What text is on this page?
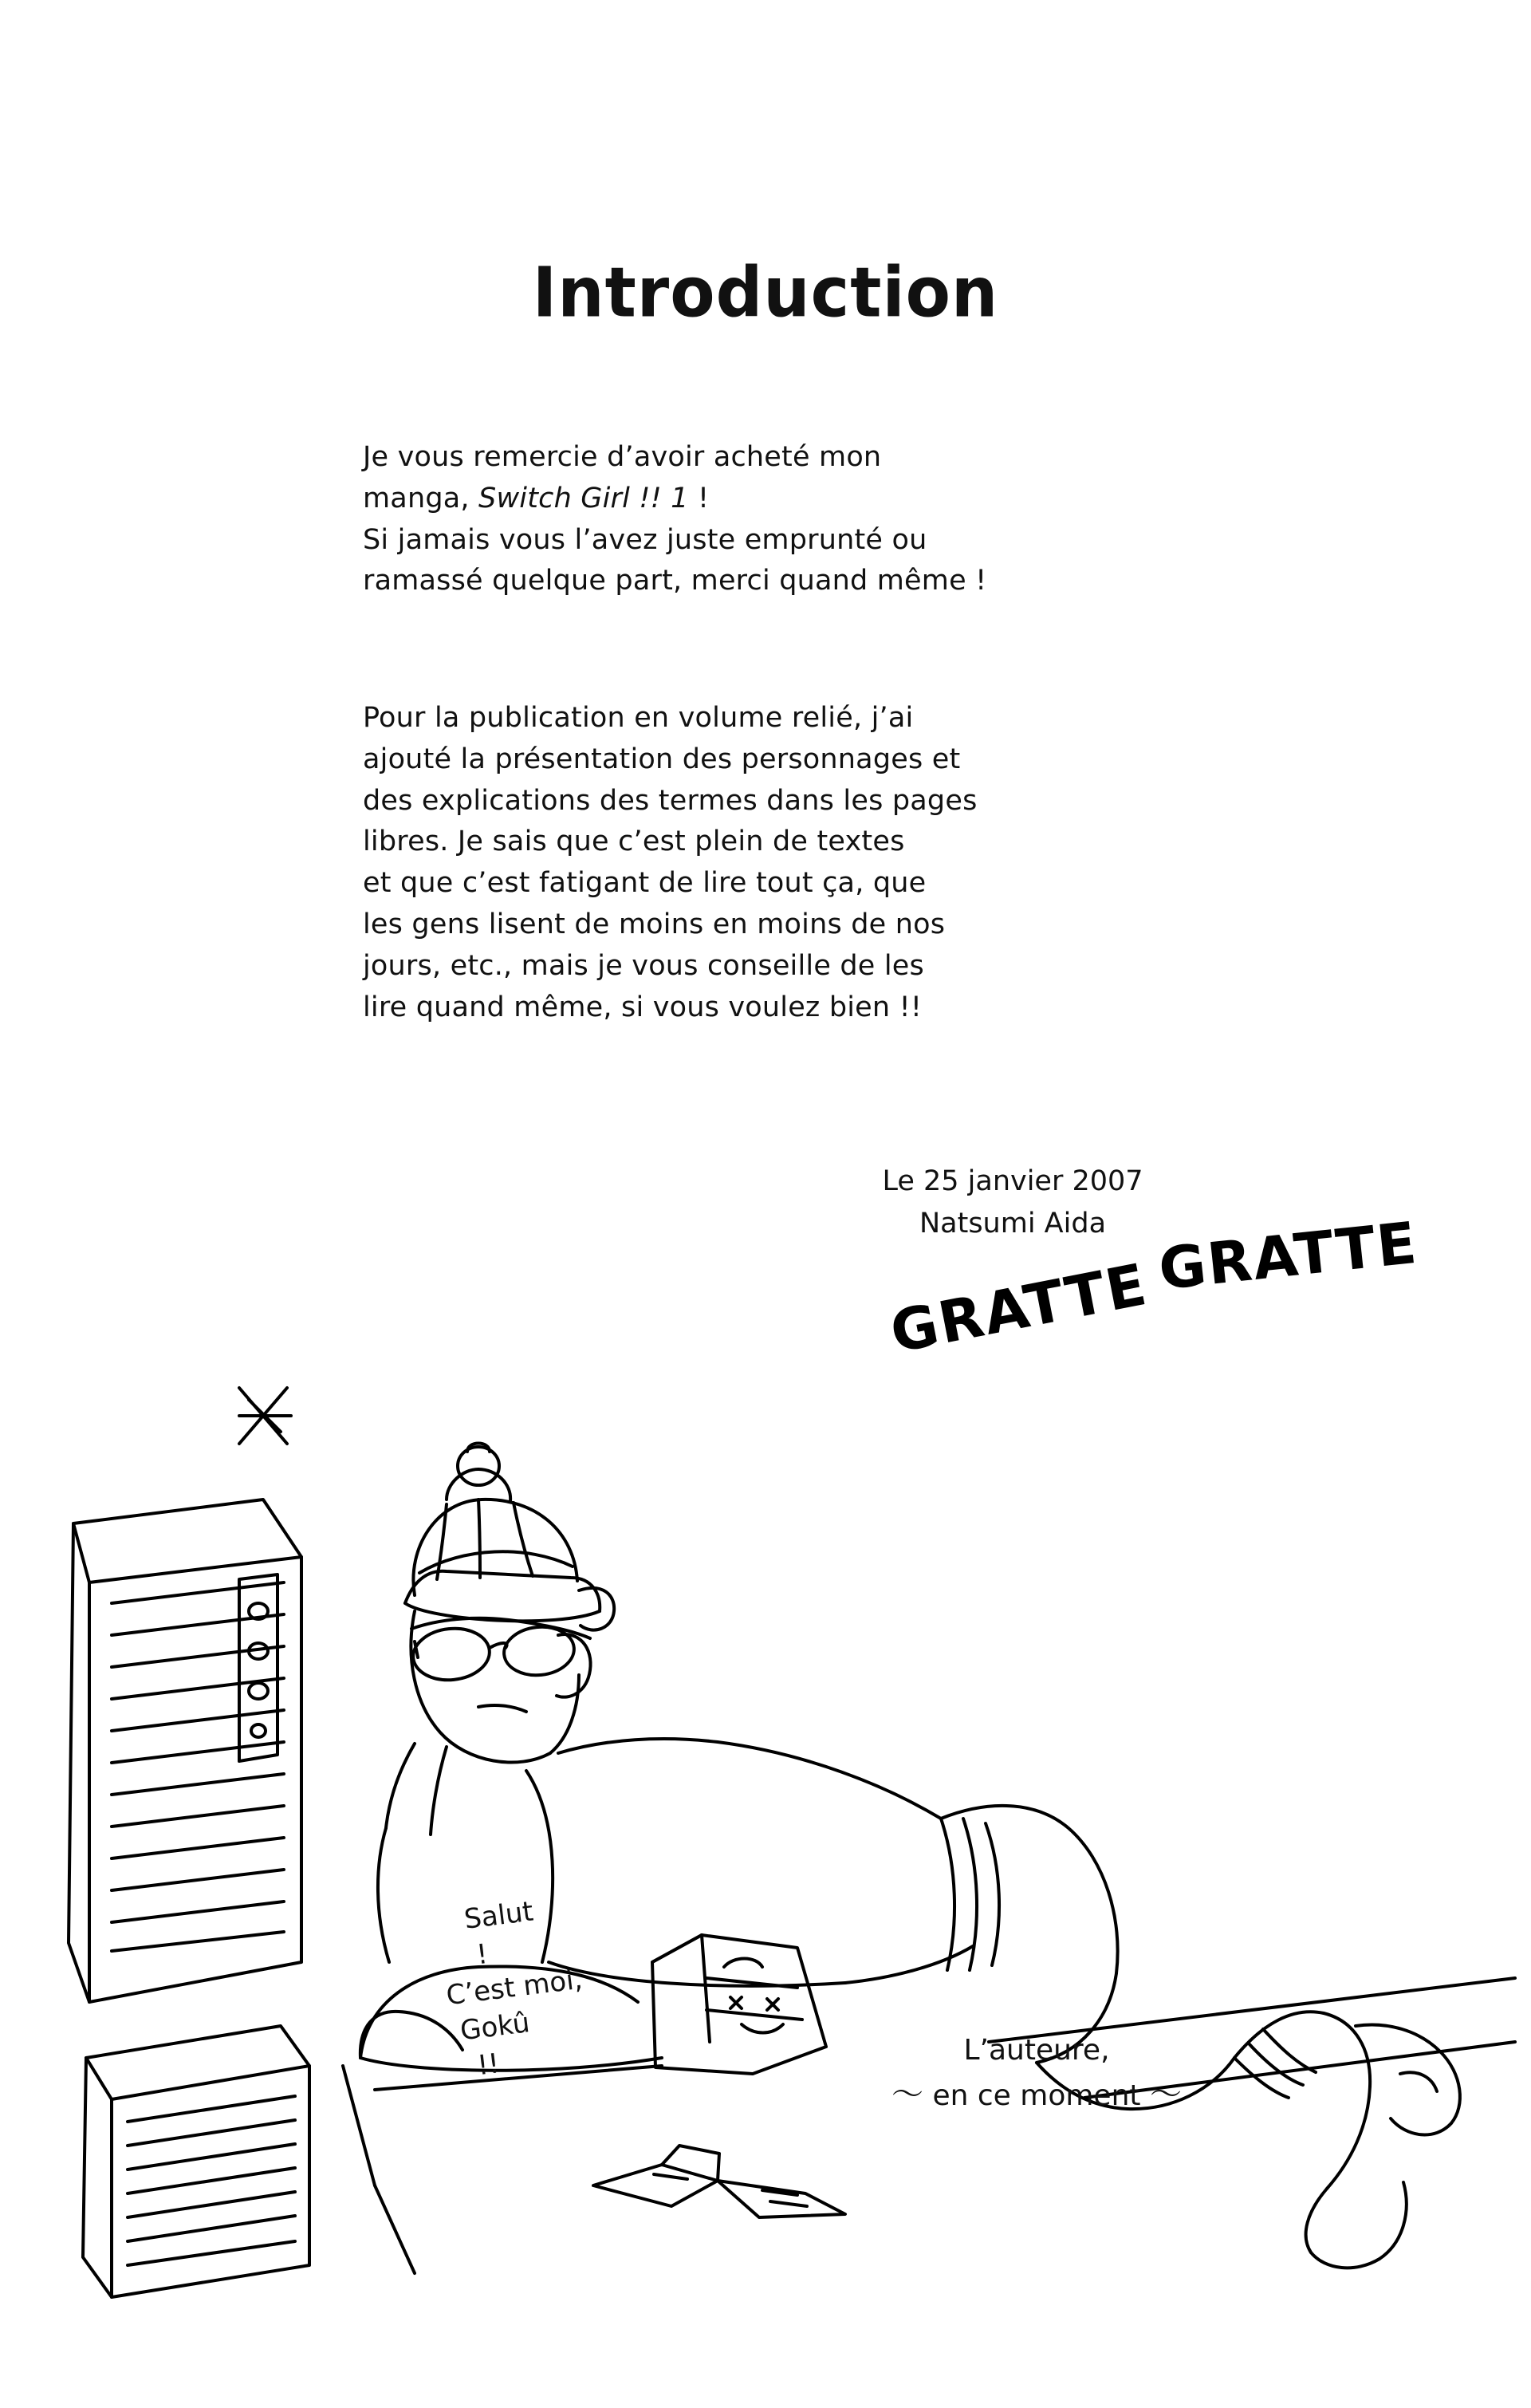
Introduction
Je vous remercie d’avoir acheté mon
manga, Switch Girl !! 1 !
Si jamais vous l’avez juste emprunté ou
ramassé quelque part, merci quand même !
Pour la publication en volume relié, j’ai
ajouté la présentation des personnages et
des explications des termes dans les pages
libres. Je sais que c’est plein de textes
et que c’est fatigant de lire tout ça, que
les gens lisent de moins en moins de nos
jours, etc., mais je vous conseille de les
lire quand même, si vous voulez bien !!
Le 25 janvier 2007
Natsumi Aida
GRATTEGRATTE
Salut
!
C’est moi,
Gokû
!!	L’auteure,
〜 en ce moment 〜
